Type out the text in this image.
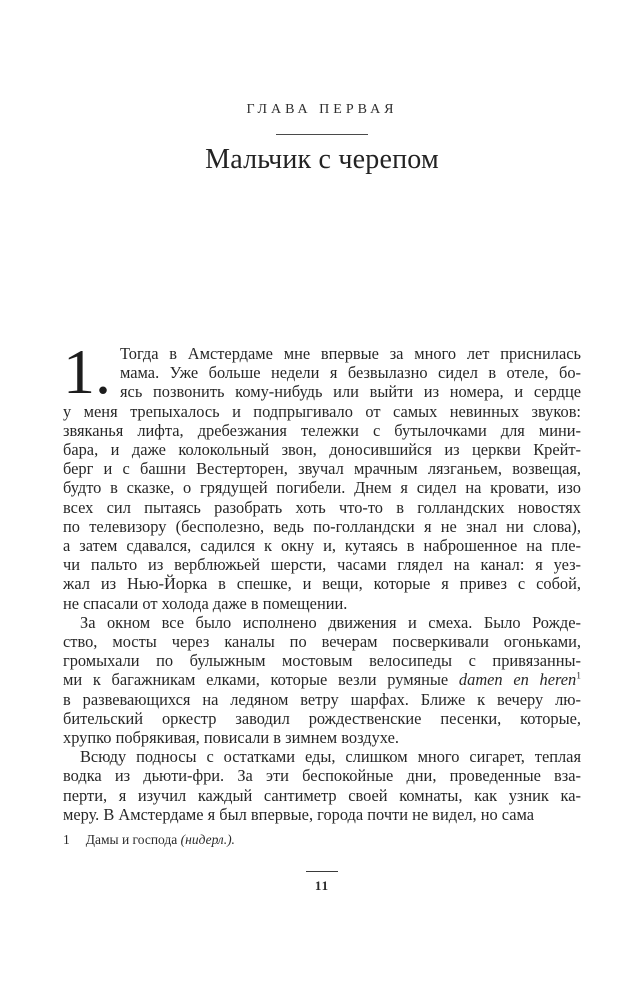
ГЛАВА ПЕРВАЯ
Мальчик с черепом
1. Тогда в Амстердаме мне впервые за много лет приснилась
мама. Уже больше недели я безвылазно сидел в отеле, бо-
ясь позвонить кому-нибудь или выйти из номера, и сердце
у меня трепыхалось и подпрыгивало от самых невинных звуков:
звяканья лифта, дребезжания тележки с бутылочками для мини-
бара, и даже колокольный звон, доносившийся из церкви Крейт-
берг и с башни Вестерторен, звучал мрачным лязганьем, возвещая,
будто в сказке, о грядущей погибели. Днем я сидел на кровати, изо
всех сил пытаясь разобрать хоть что-то в голландских новостях
по телевизору (бесполезно, ведь по-голландски я не знал ни слова),
а затем сдавался, садился к окну и, кутаясь в наброшенное на пле-
чи пальто из верблюжьей шерсти, часами глядел на канал: я уез-
жал из Нью-Йорка в спешке, и вещи, которые я привез с собой,
не спасали от холода даже в помещении.
За окном все было исполнено движения и смеха. Было Рожде-
ство, мосты через каналы по вечерам посверкивали огоньками,
громыхали по булыжным мостовым велосипеды с привязанны-
ми к багажникам елками, которые везли румяные damen en heren$^1$
в развевающихся на ледяном ветру шарфах. Ближе к вечеру лю-
бительский оркестр заводил рождественские песенки, которые,
хрупко побрякивая, повисали в зимнем воздухе.
Всюду подносы с остатками еды, слишком много сигарет, теплая
водка из дьюти-фри. За эти беспокойные дни, проведенные вза-
перти, я изучил каждый сантиметр своей комнаты, как узник ка-
меру. В Амстердаме я был впервые, города почти не видел, но сама
1 Дамы и господа (нидерл.).
11
